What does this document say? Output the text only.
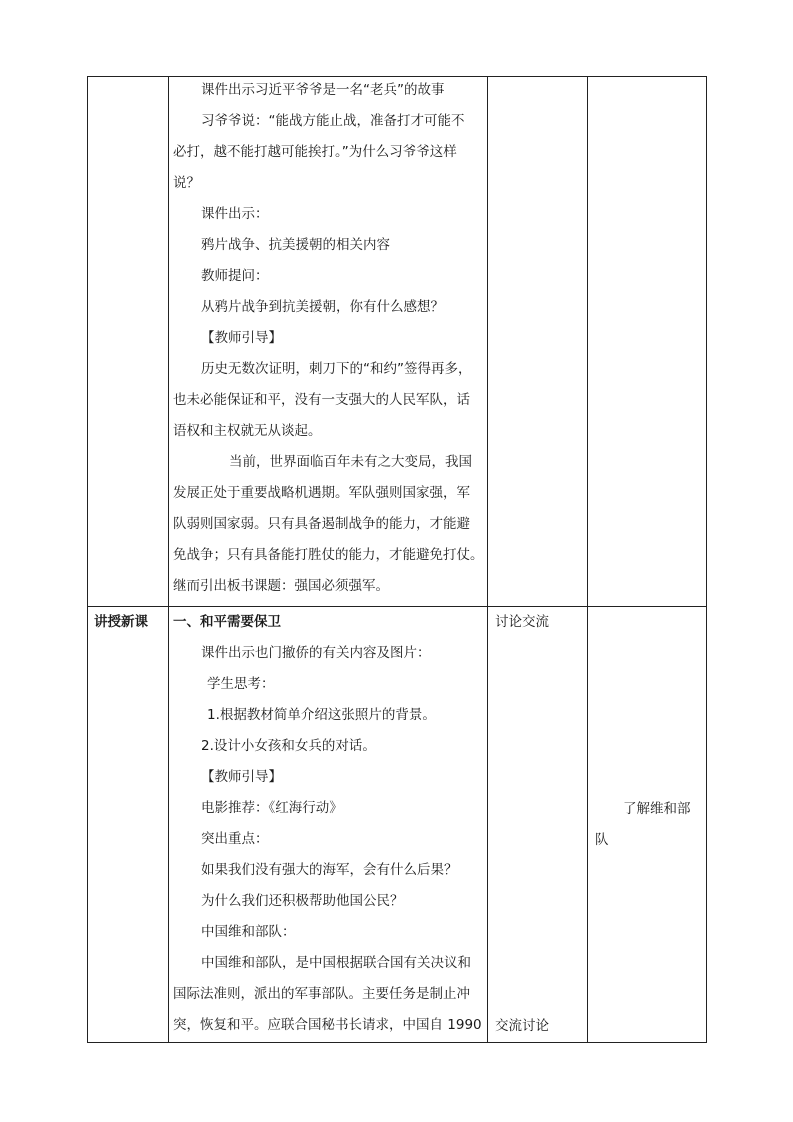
课件出示习近平爷爷是一名“老兵”的故事

习爷爷说：“能战方能止战，准备打才可能不

必打，越不能打越可能挨打。”为什么习爷爷这样

说？

课件出示：

鸦片战争、抗美援朝的相关内容

教师提问：

从鸦片战争到抗美援朝，你有什么感想？

【教师引导】

历史无数次证明，刺刀下的“和约”签得再多，

也未必能保证和平，没有一支强大的人民军队，话

语权和主权就无从谈起。

当前，世界面临百年未有之大变局，我国

发展正处于重要战略机遇期。军队强则国家强，军

队弱则国家弱。只有具备遏制战争的能力，才能避

免战争；只有具备能打胜仗的能力，才能避免打仗。

继而引出板书课题：强国必须强军。

讲授新课 一、和平需要保卫

课件出示也门撤侨的有关内容及图片：

学生思考：

1.根据教材简单介绍这张照片的背景。

2.设计小女孩和女兵的对话。

【教师引导】

电影推荐：《红海行动》

突出重点：

如果我们没有强大的海军，会有什么后果？

为什么我们还积极帮助他国公民？

中国维和部队：

中国维和部队，是中国根据联合国有关决议和

国际法准则，派出的军事部队。主要任务是制止冲

突，恢复和平。应联合国秘书长请求，中国自 1990

讨论交流

交流讨论

了解维和部

队
